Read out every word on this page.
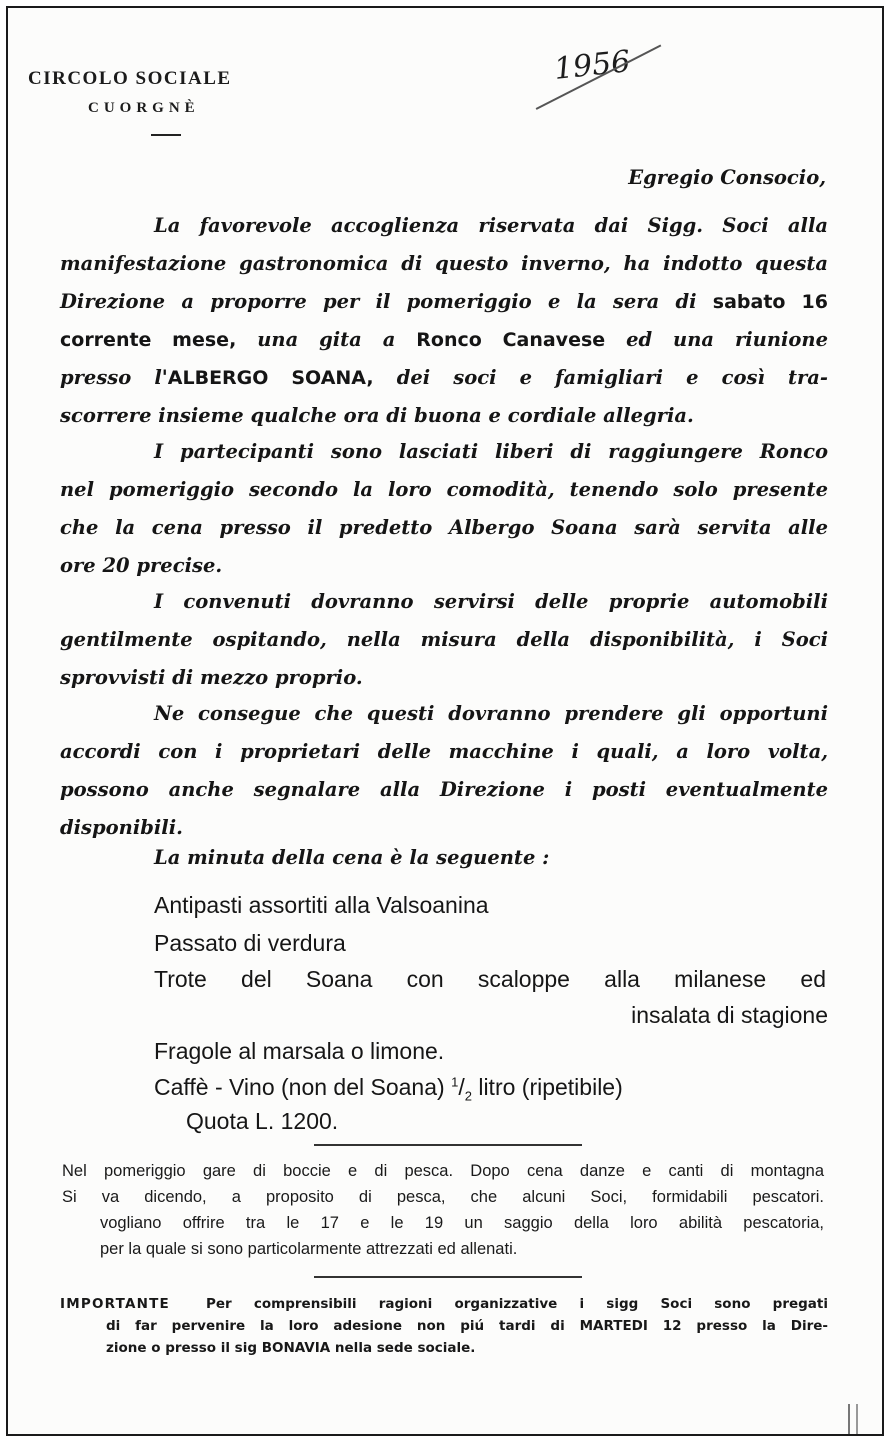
CIRCOLO SOCIALE
CUORGNÈ
1956
Egregio Consocio,
La favorevole accoglienza riservata dai Sigg. Soci alla
manifestazione gastronomica di questo inverno, ha indotto questa
Direzione a proporre per il pomeriggio e la sera di sabato 16
corrente mese, una gita a Ronco Canavese ed una riunione
presso l'ALBERGO SOANA, dei soci e famigliari e così tra-
scorrere insieme qualche ora di buona e cordiale allegria.
I partecipanti sono lasciati liberi di raggiungere Ronco
nel pomeriggio secondo la loro comodità, tenendo solo presente
che la cena presso il predetto Albergo Soana sarà servita alle
ore 20 precise.
I convenuti dovranno servirsi delle proprie automobili
gentilmente ospitando, nella misura della disponibilità, i Soci
sprovvisti di mezzo proprio.
Ne consegue che questi dovranno prendere gli opportuni
accordi con i proprietari delle macchine i quali, a loro volta,
possono anche segnalare alla Direzione i posti eventualmente
disponibili.
La minuta della cena è la seguente :
Antipasti assortiti alla Valsoanina
Passato di verdura
Trote del Soana con scaloppe alla milanese ed
insalata di stagione
Fragole al marsala o limone.
Caffè - Vino (non del Soana) $^1/_2$ litro (ripetibile)
Quota L. 1200.
Nel pomeriggio gare di boccie e di pesca. Dopo cena danze e canti di montagna
Si va dicendo, a proposito di pesca, che alcuni Soci, formidabili pescatori.
vogliano offrire tra le 17 e le 19 un saggio della loro abilità pescatoria,
per la quale si sono particolarmente attrezzati ed allenati.
IMPORTANTE	Per comprensibili ragioni organizzative i sigg Soci sono pregati
di far pervenire la loro adesione non piú tardi di MARTEDI 12 presso la Dire-
zione o presso il sig BONAVIA nella sede sociale.
